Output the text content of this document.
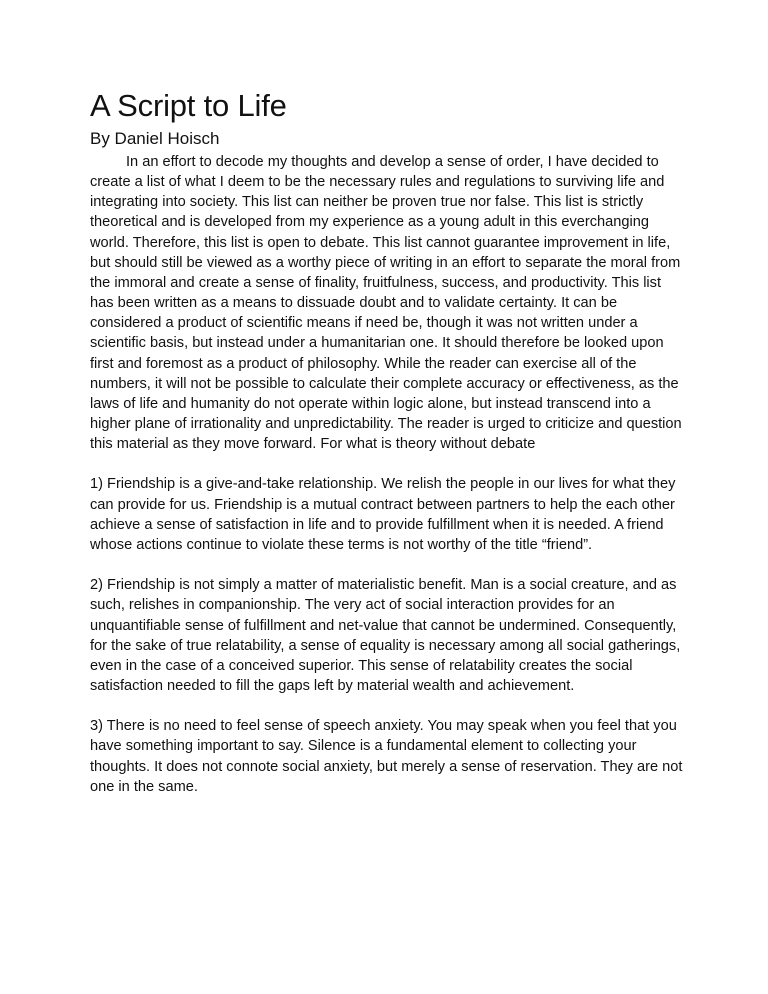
A Script to Life

By Daniel Hoisch

In an effort to decode my thoughts and develop a sense of order, I have decided to create a list of what I deem to be the necessary rules and regulations to surviving life and integrating into society. This list can neither be proven true nor false. This list is strictly theoretical and is developed from my experience as a young adult in this everchanging world. Therefore, this list is open to debate. This list cannot guarantee improvement in life, but should still be viewed as a worthy piece of writing in an effort to separate the moral from the immoral and create a sense of finality, fruitfulness, success, and productivity. This list has been written as a means to dissuade doubt and to validate certainty. It can be considered a product of scientific means if need be, though it was not written under a scientific basis, but instead under a humanitarian one. It should therefore be looked upon first and foremost as a product of philosophy. While the reader can exercise all of the numbers, it will not be possible to calculate their complete accuracy or effectiveness, as the laws of life and humanity do not operate within logic alone, but instead transcend into a higher plane of irrationality and unpredictability. The reader is urged to criticize and question this material as they move forward. For what is theory without debate

1) Friendship is a give-and-take relationship. We relish the people in our lives for what they can provide for us. Friendship is a mutual contract between partners to help the each other achieve a sense of satisfaction in life and to provide fulfillment when it is needed. A friend whose actions continue to violate these terms is not worthy of the title “friend”.

2) Friendship is not simply a matter of materialistic benefit. Man is a social creature, and as such, relishes in companionship. The very act of social interaction provides for an unquantifiable sense of fulfillment and net-value that cannot be undermined. Consequently, for the sake of true relatability, a sense of equality is necessary among all social gatherings, even in the case of a conceived superior. This sense of relatability creates the social satisfaction needed to fill the gaps left by material wealth and achievement.

3) There is no need to feel sense of speech anxiety. You may speak when you feel that you have something important to say. Silence is a fundamental element to collecting your thoughts. It does not connote social anxiety, but merely a sense of reservation. They are not one in the same.
